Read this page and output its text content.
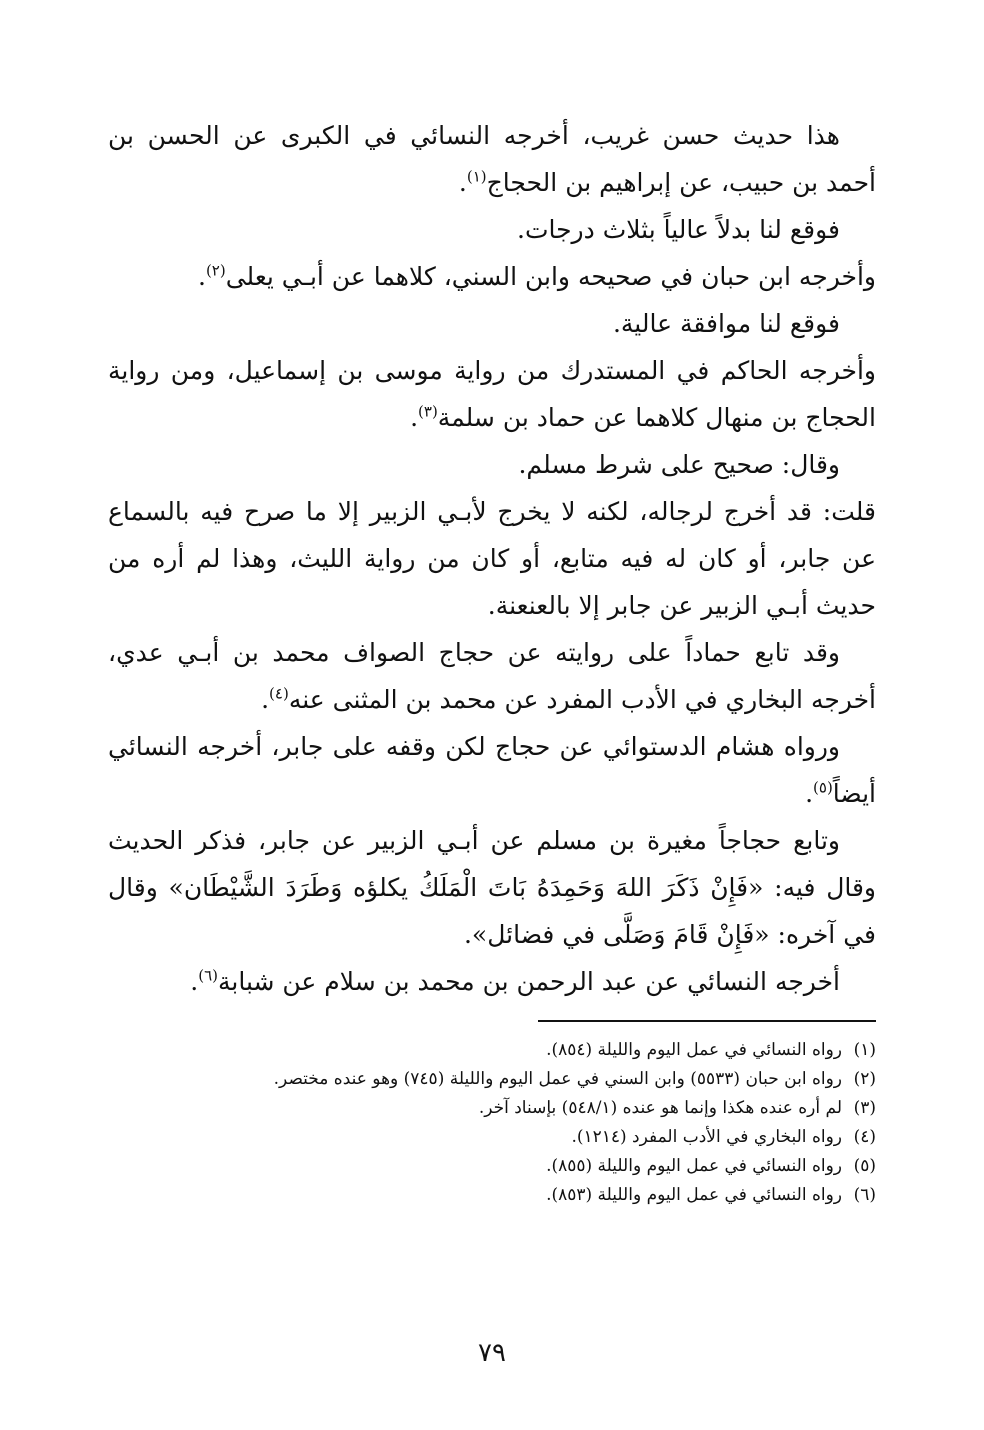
هذا حديث حسن غريب، أخرجه النسائي في الكبرى عن الحسن بن أحمد بن حبيب، عن إبراهيم بن الحجاج$^{(١)}$.

فوقع لنا بدلاً عالياً بثلاث درجات.

وأخرجه ابن حبان في صحيحه وابن السني، كلاهما عن أبـي يعلى$^{(٢)}$.

فوقع لنا موافقة عالية.

وأخرجه الحاكم في المستدرك من رواية موسى بن إسماعيل، ومن رواية الحجاج بن منهال كلاهما عن حماد بن سلمة$^{(٣)}$.

وقال: صحيح على شرط مسلم.

قلت: قد أخرج لرجاله، لكنه لا يخرج لأبـي الزبير إلا ما صرح فيه بالسماع عن جابر، أو كان له فيه متابع، أو كان من رواية الليث، وهذا لم أره من حديث أبـي الزبير عن جابر إلا بالعنعنة.

وقد تابع حماداً على روايته عن حجاج الصواف محمد بن أبـي عدي، أخرجه البخاري في الأدب المفرد عن محمد بن المثنى عنه$^{(٤)}$.

ورواه هشام الدستوائي عن حجاج لكن وقفه على جابر، أخرجه النسائي أيضاً$^{(٥)}$.

وتابع حجاجاً مغيرة بن مسلم عن أبـي الزبير عن جابر، فذكر الحديث وقال فيه: «فَإِنْ ذَكَرَ اللهَ وَحَمِدَهُ بَاتَ الْمَلَكُ يكلؤه وَطَرَدَ الشَّيْطَان» وقال في آخره: «فَإِنْ قَامَ وَصَلَّى في فضائل».

أخرجه النسائي عن عبد الرحمن بن محمد بن سلام عن شبابة$^{(٦)}$.

(١)رواه النسائي في عمل اليوم والليلة (٨٥٤).

(٢)رواه ابن حبان (٥٥٣٣) وابن السني في عمل اليوم والليلة (٧٤٥) وهو عنده مختصر.

(٣)لم أره عنده هكذا وإنما هو عنده (٥٤٨/١) بإسناد آخر.

(٤)رواه البخاري في الأدب المفرد (١٢١٤).

(٥)رواه النسائي في عمل اليوم والليلة (٨٥٥).

(٦)رواه النسائي في عمل اليوم والليلة (٨٥٣).

٧٩
